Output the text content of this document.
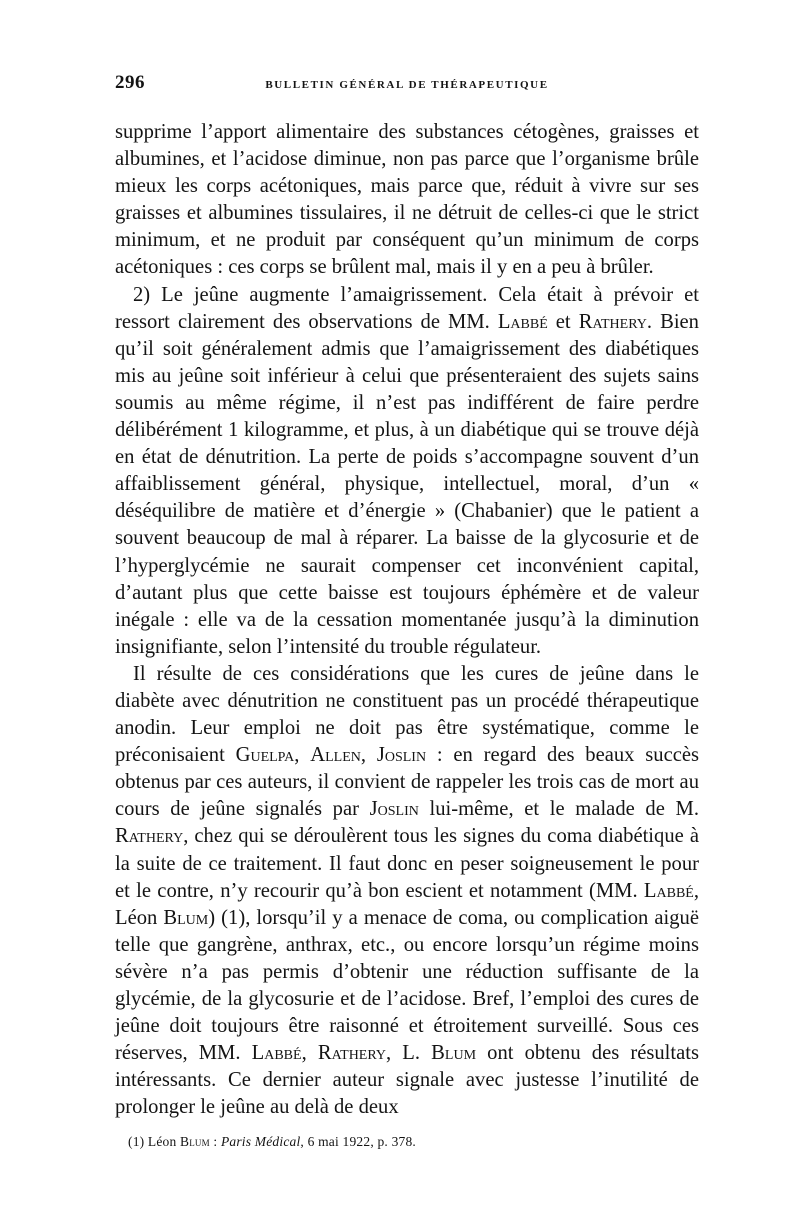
296	BULLETIN GÉNÉRAL DE THÉRAPEUTIQUE

supprime l’apport alimentaire des substances cétogènes, graisses et albumines, et l’acidose diminue, non pas parce que l’organisme brûle mieux les corps acétoniques, mais parce que, réduit à vivre sur ses graisses et albumines tissulaires, il ne détruit de celles-ci que le strict minimum, et ne produit par conséquent qu’un minimum de corps acétoniques : ces corps se brûlent mal, mais il y en a peu à brûler.

2) Le jeûne augmente l’amaigrissement. Cela était à prévoir et ressort clairement des observations de MM. Labbé et Rathery. Bien qu’il soit généralement admis que l’amaigrissement des diabétiques mis au jeûne soit inférieur à celui que présenteraient des sujets sains soumis au même régime, il n’est pas indifférent de faire perdre délibérément 1 kilogramme, et plus, à un diabétique qui se trouve déjà en état de dénutrition. La perte de poids s’accompagne souvent d’un affaiblissement général, physique, intellectuel, moral, d’un « déséquilibre de matière et d’énergie » (Chabanier) que le patient a souvent beaucoup de mal à réparer. La baisse de la glycosurie et de l’hyperglycémie ne saurait compenser cet inconvénient capital, d’autant plus que cette baisse est toujours éphémère et de valeur inégale : elle va de la cessation momentanée jusqu’à la diminution insignifiante, selon l’intensité du trouble régulateur.

Il résulte de ces considérations que les cures de jeûne dans le diabète avec dénutrition ne constituent pas un procédé thérapeutique anodin. Leur emploi ne doit pas être systématique, comme le préconisaient Guelpa, Allen, Joslin : en regard des beaux succès obtenus par ces auteurs, il convient de rappeler les trois cas de mort au cours de jeûne signalés par Joslin lui-même, et le malade de M. Rathery, chez qui se déroulèrent tous les signes du coma diabétique à la suite de ce traitement. Il faut donc en peser soigneusement le pour et le contre, n’y recourir qu’à bon escient et notamment (MM. Labbé, Léon Blum) (1), lorsqu’il y a menace de coma, ou complication aiguë telle que gangrène, anthrax, etc., ou encore lorsqu’un régime moins sévère n’a pas permis d’obtenir une réduction suffisante de la glycémie, de la glycosurie et de l’acidose. Bref, l’emploi des cures de jeûne doit toujours être raisonné et étroitement surveillé. Sous ces réserves, MM. Labbé, Rathery, L. Blum ont obtenu des résultats intéressants. Ce dernier auteur signale avec justesse l’inutilité de prolonger le jeûne au delà de deux

(1) Léon Blum : Paris Médical, 6 mai 1922, p. 378.
